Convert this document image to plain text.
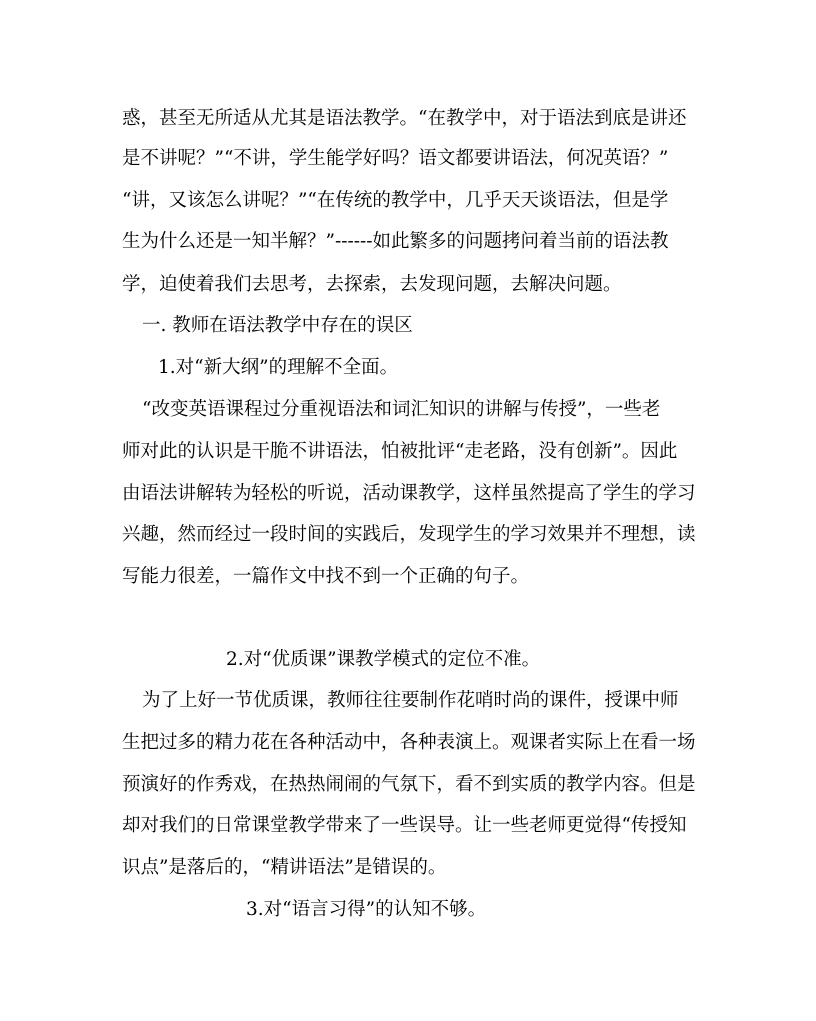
惑，甚至无所适从尤其是语法教学。“在教学中，对于语法到底是讲还
是不讲呢？”“不讲，学生能学好吗？语文都要讲语法，何况英语？”
“讲，又该怎么讲呢？”“在传统的教学中，几乎天天谈语法，但是学
生为什么还是一知半解？”------如此繁多的问题拷问着当前的语法教
学，迫使着我们去思考，去探索，去发现问题，去解决问题。
一. 教师在语法教学中存在的误区
1.对“新大纲”的理解不全面。
“改变英语课程过分重视语法和词汇知识的讲解与传授”，一些老
师对此的认识是干脆不讲语法，怕被批评“走老路，没有创新”。因此
由语法讲解转为轻松的听说，活动课教学，这样虽然提高了学生的学习
兴趣，然而经过一段时间的实践后，发现学生的学习效果并不理想，读
写能力很差，一篇作文中找不到一个正确的句子。
2.对“优质课”课教学模式的定位不准。
为了上好一节优质课，教师往往要制作花哨时尚的课件，授课中师
生把过多的精力花在各种活动中，各种表演上。观课者实际上在看一场
预演好的作秀戏，在热热闹闹的气氛下，看不到实质的教学内容。但是
却对我们的日常课堂教学带来了一些误导。让一些老师更觉得“传授知
识点”是落后的，“精讲语法”是错误的。
3.对“语言习得”的认知不够。
